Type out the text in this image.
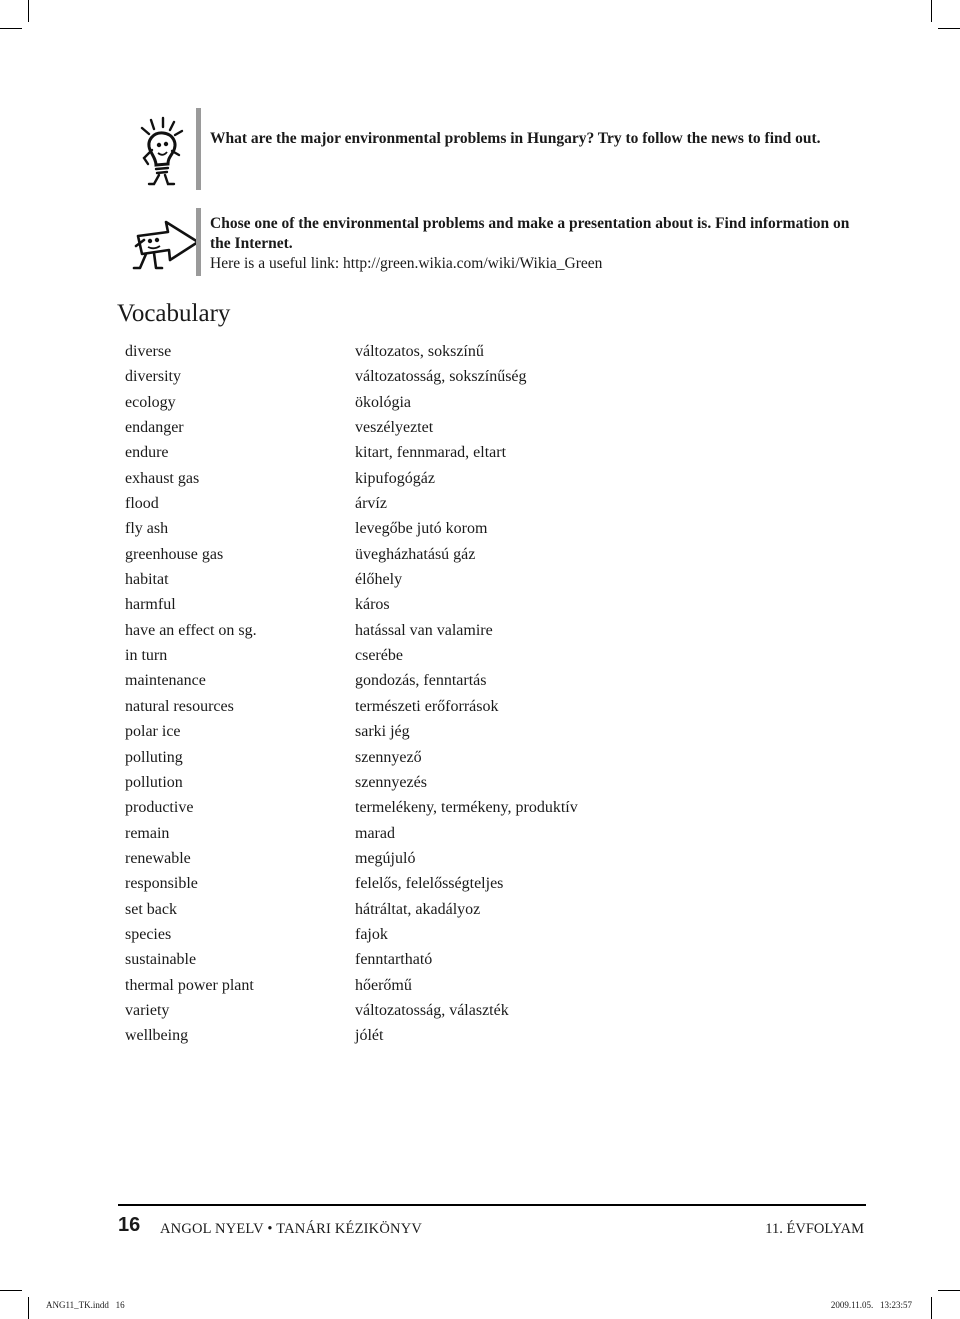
What are the major environmental problems in Hungary? Try to follow the news to find out.
Chose one of the environmental problems and make a presentation about is. Find information on the Internet.
Here is a useful link: http://green.wikia.com/wiki/Wikia_Green
Vocabulary
diverse	változatos, sokszínű
diversity	változatosság, sokszínűség
ecology	ökológia
endanger	veszélyeztet
endure	kitart, fennmarad, eltart
exhaust gas	kipufogógáz
flood	árvíz
fly ash	levegőbe jutó korom
greenhouse gas	üvegházhatású gáz
habitat	élőhely
harmful	káros
have an effect on sg.	hatással van valamire
in turn	cserébe
maintenance	gondozás, fenntartás
natural resources	természeti erőforrások
polar ice	sarki jég
polluting	szennyező
pollution	szennyezés
productive	termelékeny, termékeny, produktív
remain	marad
renewable	megújuló
responsible	felelős, felelősségteljes
set back	hátráltat, akadályoz
species	fajok
sustainable	fenntartható
thermal power plant	hőerőmű
variety	változatosság, választék
wellbeing	jólét
16 ANGOL NYELV • TANÁRI KÉZIKÖNYV	11. ÉVFOLYAM
ANG11_TK.indd   16	2009.11.05.   13:23:57
